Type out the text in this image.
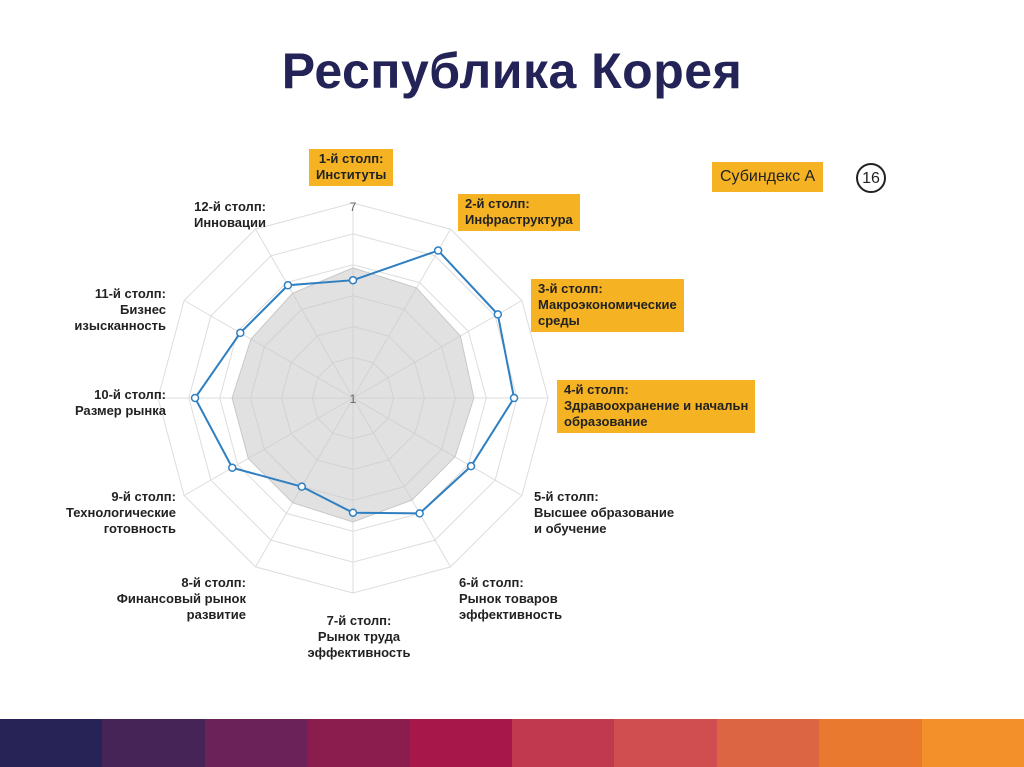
Республика Корея
7
1
1-й столп:
Институты
2-й столп:
Инфраструктура
3-й столп:
Макроэкономические
среды
4-й столп:
Здравоохранение и начальн
образование
5-й столп:
Высшее образование
и обучение
6-й столп:
Рынок товаров
эффективность
7-й столп:
Рынок труда
эффективность
8-й столп:
Финансовый рынок
развитие
9-й столп:
Технологические
готовность
10-й столп:
Размер рынка
11-й столп:
Бизнес
изысканность
12-й столп:
Инновации
Субиндекс А	16
